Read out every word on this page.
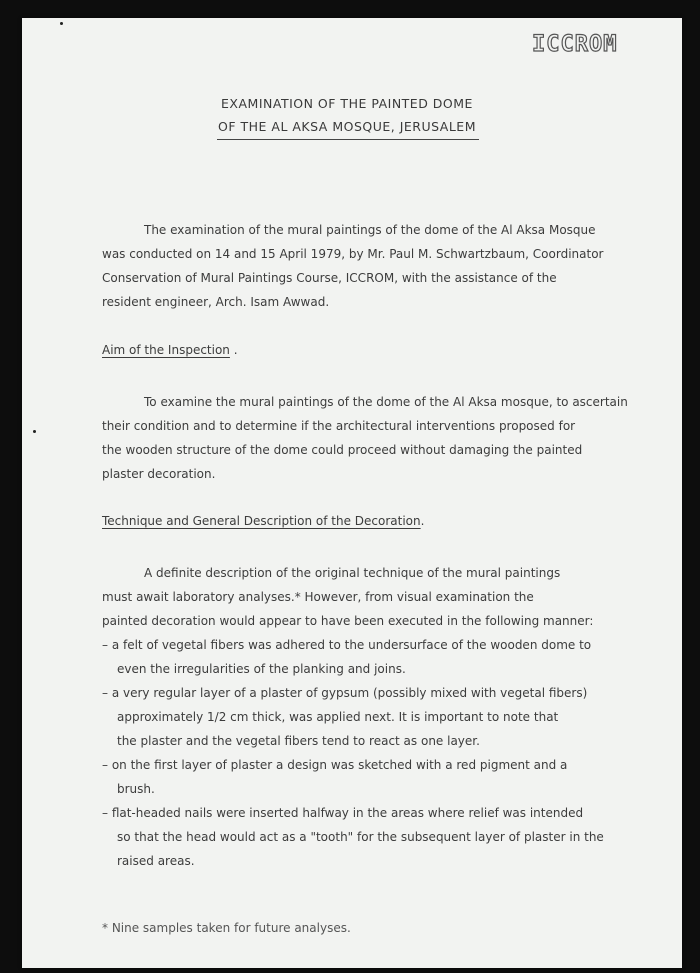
ICCROM
EXAMINATION OF THE PAINTED DOME
OF THE AL AKSA MOSQUE, JERUSALEM
The examination of the mural paintings of the dome of the Al Aksa Mosque
was conducted on 14 and 15 April 1979, by Mr. Paul M. Schwartzbaum, Coordinator
Conservation of Mural Paintings Course, ICCROM, with the assistance of the
resident engineer, Arch. Isam Awwad.
Aim of the Inspection .
To examine the mural paintings of the dome of the Al Aksa mosque, to ascertain
their condition and to determine if the architectural interventions proposed for
the wooden structure of the dome could proceed without damaging the painted
plaster decoration.
Technique and General Description of the Decoration.
A definite description of the original technique of the mural paintings
must await laboratory analyses.* However, from visual examination the
painted decoration would appear to have been executed in the following manner:
– a felt of vegetal fibers was adhered to the undersurface of the wooden dome to
even the irregularities of the planking and joins.
– a very regular layer of a plaster of gypsum (possibly mixed with vegetal fibers)
approximately 1/2 cm thick, was applied next. It is important to note that
the plaster and the vegetal fibers tend to react as one layer.
– on the first layer of plaster a design was sketched with a red pigment and a
brush.
– flat-headed nails were inserted halfway in the areas where relief was intended
so that the head would act as a "tooth" for the subsequent layer of plaster in the
raised areas.
* Nine samples taken for future analyses.
